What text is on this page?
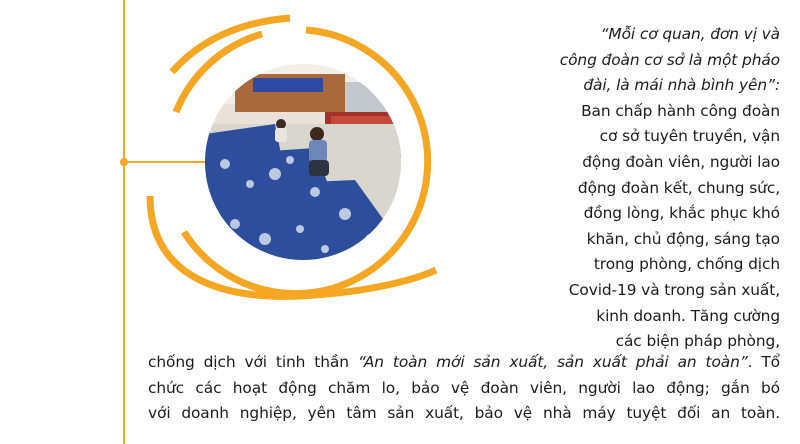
“Mỗi cơ quan, đơn vị và
công đoàn cơ sở là một pháo
đài, là mái nhà bình yên”:
Ban chấp hành công đoàn
cơ sở tuyên truyền, vận
động đoàn viên, người lao
động đoàn kết, chung sức,
đồng lòng, khắc phục khó
khăn, chủ động, sáng tạo
trong phòng, chống dịch
Covid-19 và trong sản xuất,
kinh doanh. Tăng cường
các biện pháp phòng,
chống dịch với tinh thần “An toàn mới sản xuất, sản xuất phải an toàn”. Tổ
chức các hoạt động chăm lo, bảo vệ đoàn viên, người lao động; gắn bó
với doanh nghiệp, yên tâm sản xuất, bảo vệ nhà máy tuyệt đối an toàn.
